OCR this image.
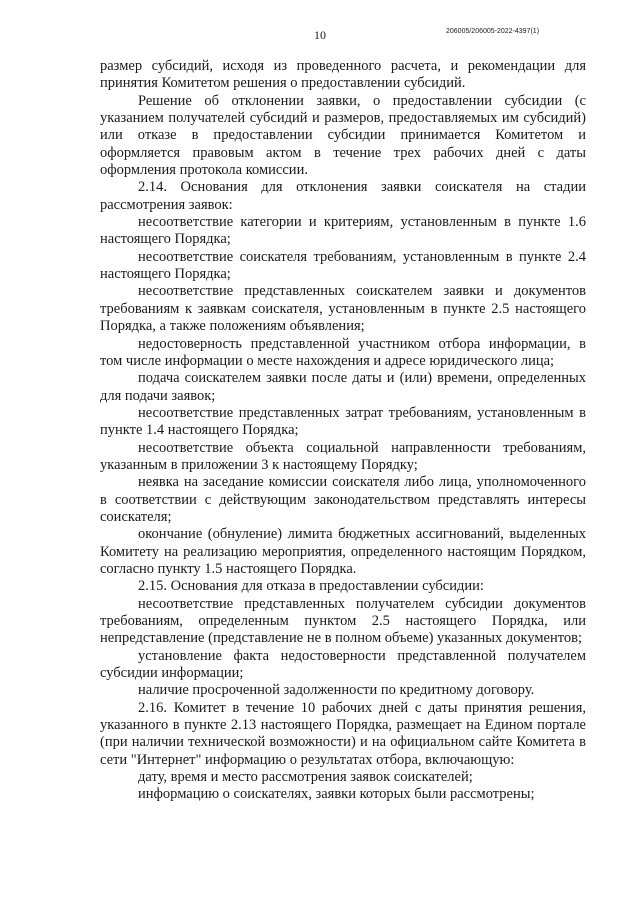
10	206005/206005-2022-4397(1)

размер субсидий, исходя из проведенного расчета, и рекомендации для принятия Комитетом решения о предоставлении субсидий.

Решение об отклонении заявки, о предоставлении субсидии (с указанием получателей субсидий и размеров, предоставляемых им субсидий) или отказе в предоставлении субсидии принимается Комитетом и оформляется правовым актом в течение трех рабочих дней с даты оформления протокола комиссии.

2.14. Основания для отклонения заявки соискателя на стадии рассмотрения заявок:

несоответствие категории и критериям, установленным в пункте 1.6 настоящего Порядка;

несоответствие соискателя требованиям, установленным в пункте 2.4 настоящего Порядка;

несоответствие представленных соискателем заявки и документов требованиям к заявкам соискателя, установленным в пункте 2.5 настоящего Порядка, а также положениям объявления;

недостоверность представленной участником отбора информации, в том числе информации о месте нахождения и адресе юридического лица;

подача соискателем заявки после даты и (или) времени, определенных для подачи заявок;

несоответствие представленных затрат требованиям, установленным в пункте 1.4 настоящего Порядка;

несоответствие объекта социальной направленности требованиям, указанным в приложении 3 к настоящему Порядку;

неявка на заседание комиссии соискателя либо лица, уполномоченного в соответствии с действующим законодательством представлять интересы соискателя;

окончание (обнуление) лимита бюджетных ассигнований, выделенных Комитету на реализацию мероприятия, определенного настоящим Порядком, согласно пункту 1.5 настоящего Порядка.

2.15. Основания для отказа в предоставлении субсидии:

несоответствие представленных получателем субсидии документов требованиям, определенным пунктом 2.5 настоящего Порядка, или непредставление (представление не в полном объеме) указанных документов;

установление факта недостоверности представленной получателем субсидии информации;

наличие просроченной задолженности по кредитному договору.

2.16. Комитет в течение 10 рабочих дней с даты принятия решения, указанного в пункте 2.13 настоящего Порядка, размещает на Едином портале (при наличии технической возможности) и на официальном сайте Комитета в сети "Интернет" информацию о результатах отбора, включающую:

дату, время и место рассмотрения заявок соискателей;

информацию о соискателях, заявки которых были рассмотрены;
